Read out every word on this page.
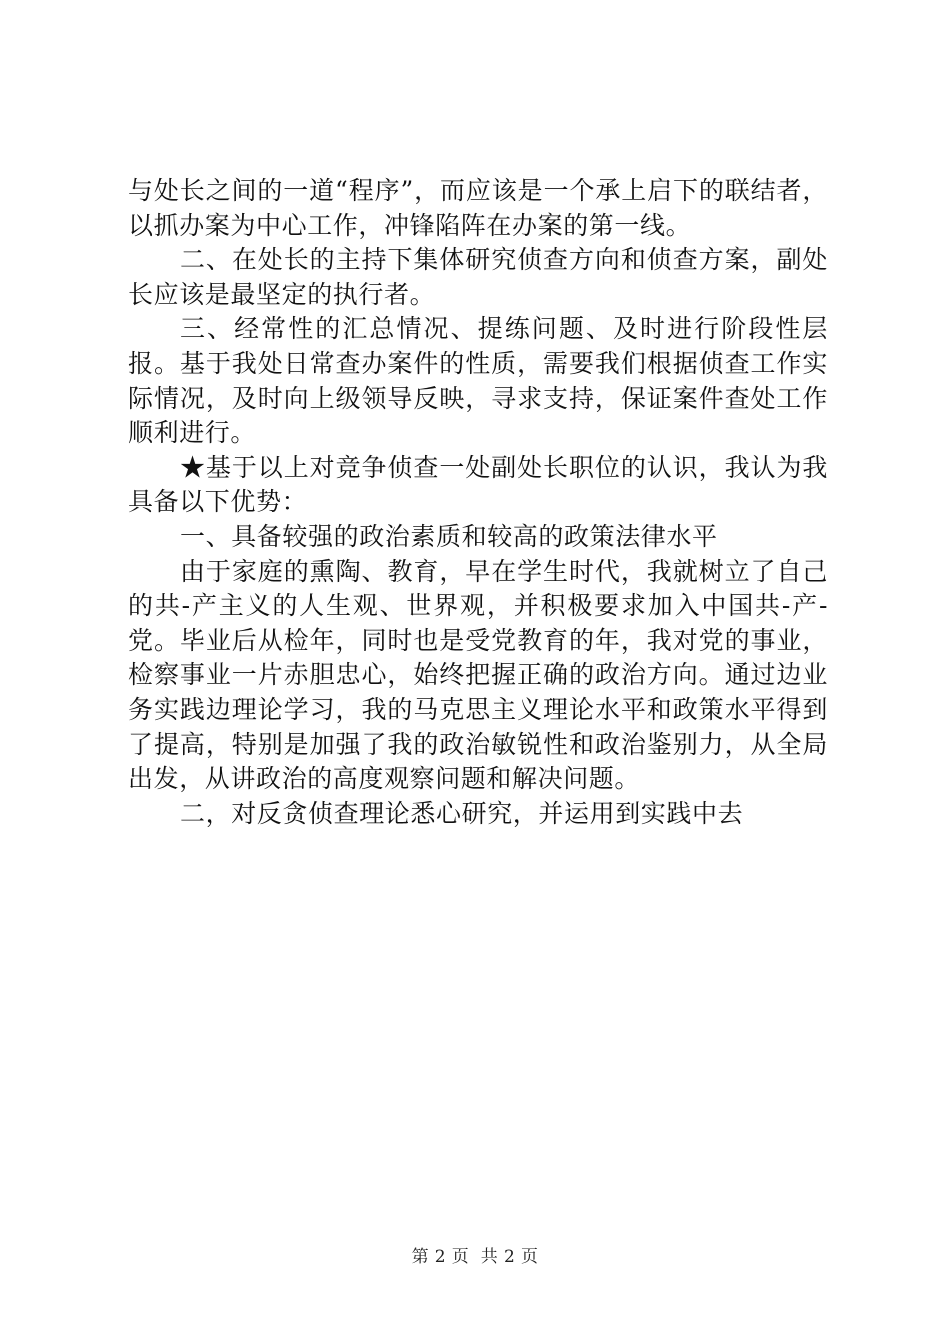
与处长之间的一道“程序”，而应该是一个承上启下的联结者，以抓办案为中心工作，冲锋陷阵在办案的第一线。

二、在处长的主持下集体研究侦查方向和侦查方案，副处长应该是最坚定的执行者。

三、经常性的汇总情况、提练问题、及时进行阶段性层报。基于我处日常查办案件的性质，需要我们根据侦查工作实际情况，及时向上级领导反映，寻求支持，保证案件查处工作顺利进行。

★基于以上对竞争侦查一处副处长职位的认识，我认为我具备以下优势：

一、具备较强的政治素质和较高的政策法律水平

由于家庭的熏陶、教育，早在学生时代，我就树立了自己的共-产主义的人生观、世界观，并积极要求加入中国共-产-党。毕业后从检年，同时也是受党教育的年，我对党的事业，检察事业一片赤胆忠心，始终把握正确的政治方向。通过边业务实践边理论学习，我的马克思主义理论水平和政策水平得到了提高，特别是加强了我的政治敏锐性和政治鉴别力，从全局出发，从讲政治的高度观察问题和解决问题。

二，对反贪侦查理论悉心研究，并运用到实践中去

第 2 页  共 2 页
